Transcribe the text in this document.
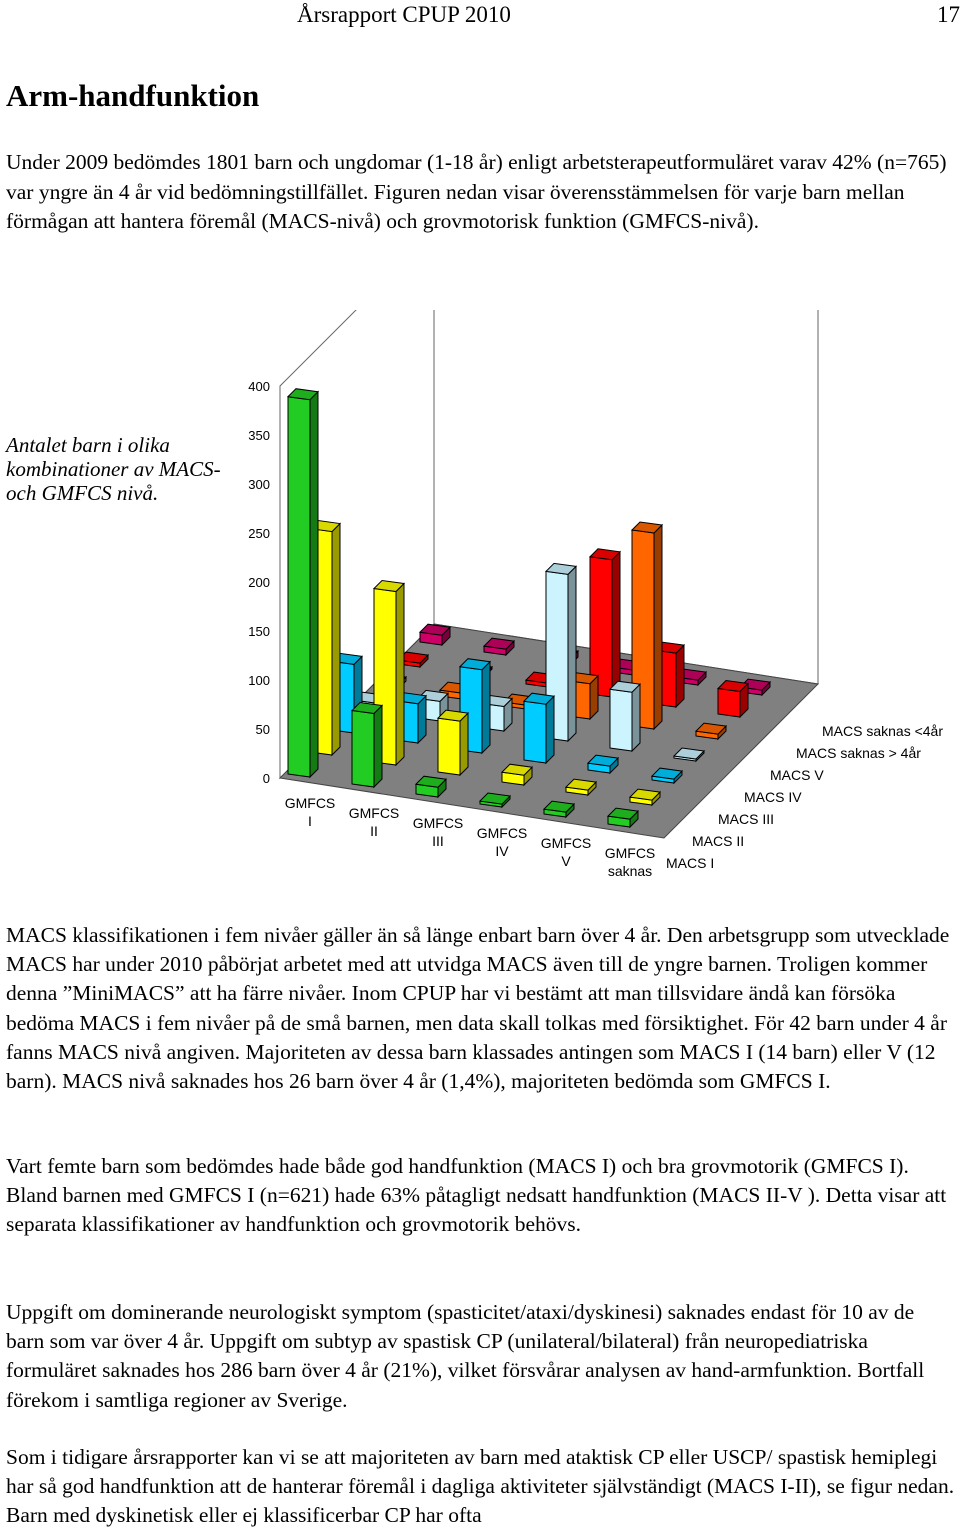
Årsrapport CPUP 2010	17
Arm-handfunktion

Under 2009 bedömdes 1801 barn och ungdomar (1-18 år) enligt arbetsterapeutformuläret varav 42% (n=765) var yngre än 4 år vid bedömningstillfället. Figuren nedan visar överensstämmelsen för varje barn mellan förmågan att hantera föremål (MACS-nivå) och grovmotorisk funktion (GMFCS-nivå).

Antalet barn i olika kombinationer av MACS- och GMFCS nivå.

0
50
100
150
200
250
300
350
400
GMFCS I	GMFCS II	GMFCS III	GMFCS IV	GMFCS V	GMFCS saknas MACS I
MACS II
MACS III
MACS IV
MACS V
MACS saknas > 4år
MACS saknas <4år

MACS klassifikationen i fem nivåer gäller än så länge enbart barn över 4 år. Den arbetsgrupp som utvecklade MACS har under 2010 påbörjat arbetet med att utvidga MACS även till de yngre barnen. Troligen kommer denna ”MiniMACS” att ha färre nivåer. Inom CPUP har vi bestämt att man tillsvidare ändå kan försöka bedöma MACS i fem nivåer på de små barnen, men data skall tolkas med försiktighet. För 42 barn under 4 år fanns MACS nivå angiven. Majoriteten av dessa barn klassades antingen som MACS I (14 barn) eller V (12 barn). MACS nivå saknades hos 26 barn över 4 år (1,4%), majoriteten bedömda som GMFCS I.

Vart femte barn som bedömdes hade både god handfunktion (MACS I) och bra grovmotorik (GMFCS I). Bland barnen med GMFCS I (n=621) hade 63% påtagligt nedsatt handfunktion (MACS II-V ). Detta visar att separata klassifikationer av handfunktion och grovmotorik behövs.

Uppgift om dominerande neurologiskt symptom (spasticitet/ataxi/dyskinesi) saknades endast för 10 av de barn som var över 4 år. Uppgift om subtyp av spastisk CP (unilateral/bilateral) från neuropediatriska formuläret saknades hos 286 barn över 4 år (21%), vilket försvårar analysen av hand-armfunktion. Bortfall förekom i samtliga regioner av Sverige.

Som i tidigare årsrapporter kan vi se att majoriteten av barn med ataktisk CP eller USCP/ spastisk hemiplegi har så god handfunktion att de hanterar föremål i dagliga aktiviteter självständigt (MACS I-II), se figur nedan. Barn med dyskinetisk eller ej klassificerbar CP har ofta
